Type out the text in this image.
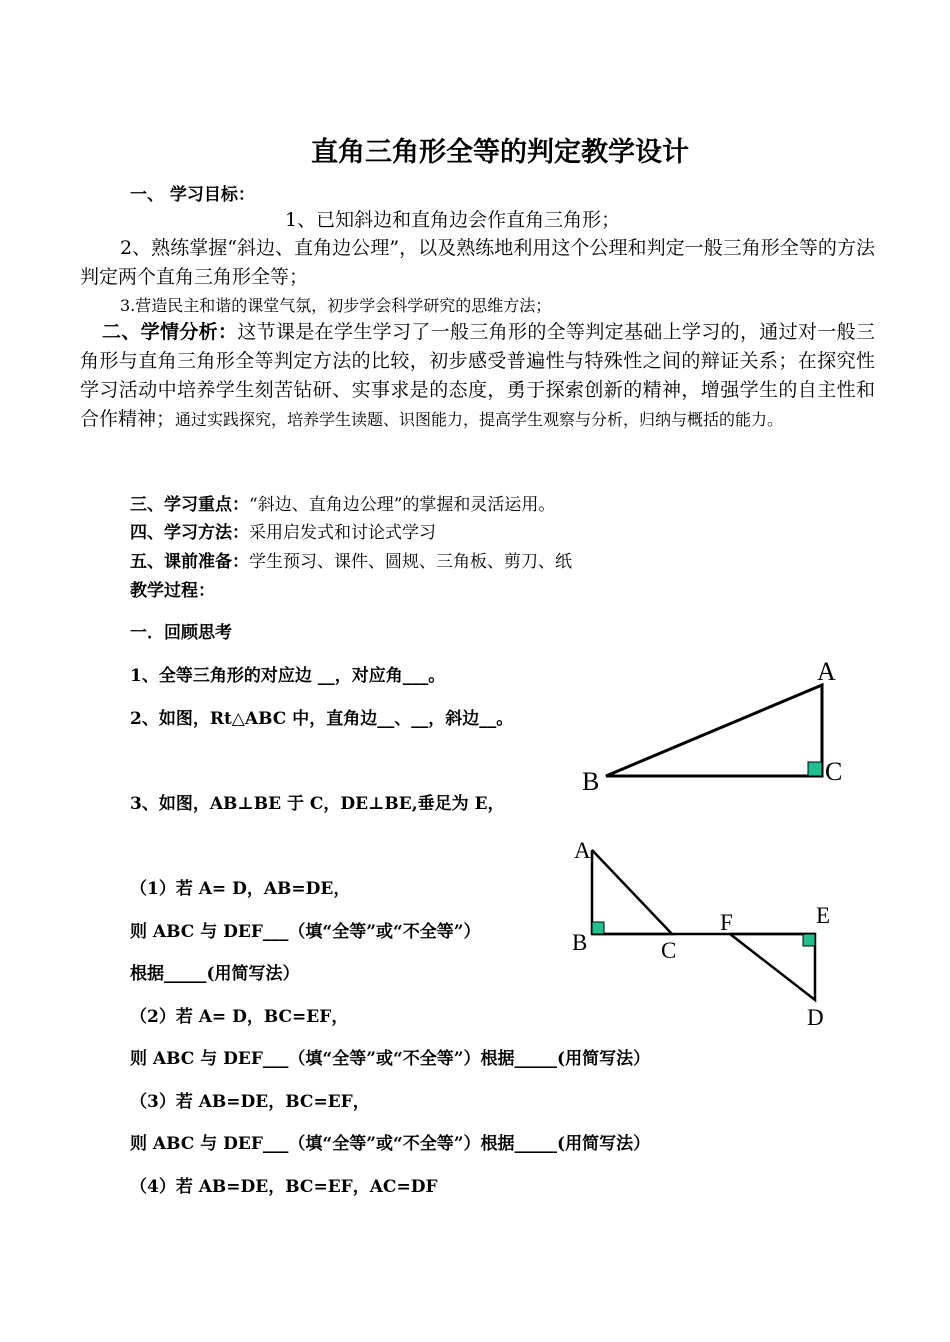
直角三角形全等的判定教学设计
一、 学习目标：
1、已知斜边和直角边会作直角三角形；
2、熟练掌握“斜边、直角边公理”，以及熟练地利用这个公理和判定一般三角形全等的方法判定两个直角三角形全等；
3.营造民主和谐的课堂气氛，初步学会科学研究的思维方法；
二、学情分析：这节课是在学生学习了一般三角形的全等判定基础上学习的，通过对一般三角形与直角三角形全等判定方法的比较，初步感受普遍性与特殊性之间的辩证关系；在探究性学习活动中培养学生刻苦钻研、实事求是的态度，勇于探索创新的精神，增强学生的自主性和合作精神；通过实践探究，培养学生读题、识图能力，提高学生观察与分析，归纳与概括的能力。
三、学习重点：“斜边、直角边公理”的掌握和灵活运用。
四、学习方法：采用启发式和讨论式学习
五、课前准备：学生预习、课件、圆规、三角板、剪刀、纸
教学过程：
一．回顾思考
1、全等三角形的对应边 __，对应角___。
2、如图，Rt△ABC 中，直角边__、__，斜边__。
3、如图，AB⊥BE 于 C，DE⊥BE,垂足为 E，
（1）若 A= D，AB=DE，
则 ABC 与 DEF___（填“全等”或“不全等”）
根据_____(用简写法）
（2）若 A= D，BC=EF，
则 ABC 与 DEF___（填“全等”或“不全等”）根据_____(用简写法）
（3）若 AB=DE，BC=EF，
则 ABC 与 DEF___（填“全等”或“不全等”）根据_____(用简写法）
（4）若 AB=DE，BC=EF，AC=DF
A
B	C
A
B	C
F	E
D
